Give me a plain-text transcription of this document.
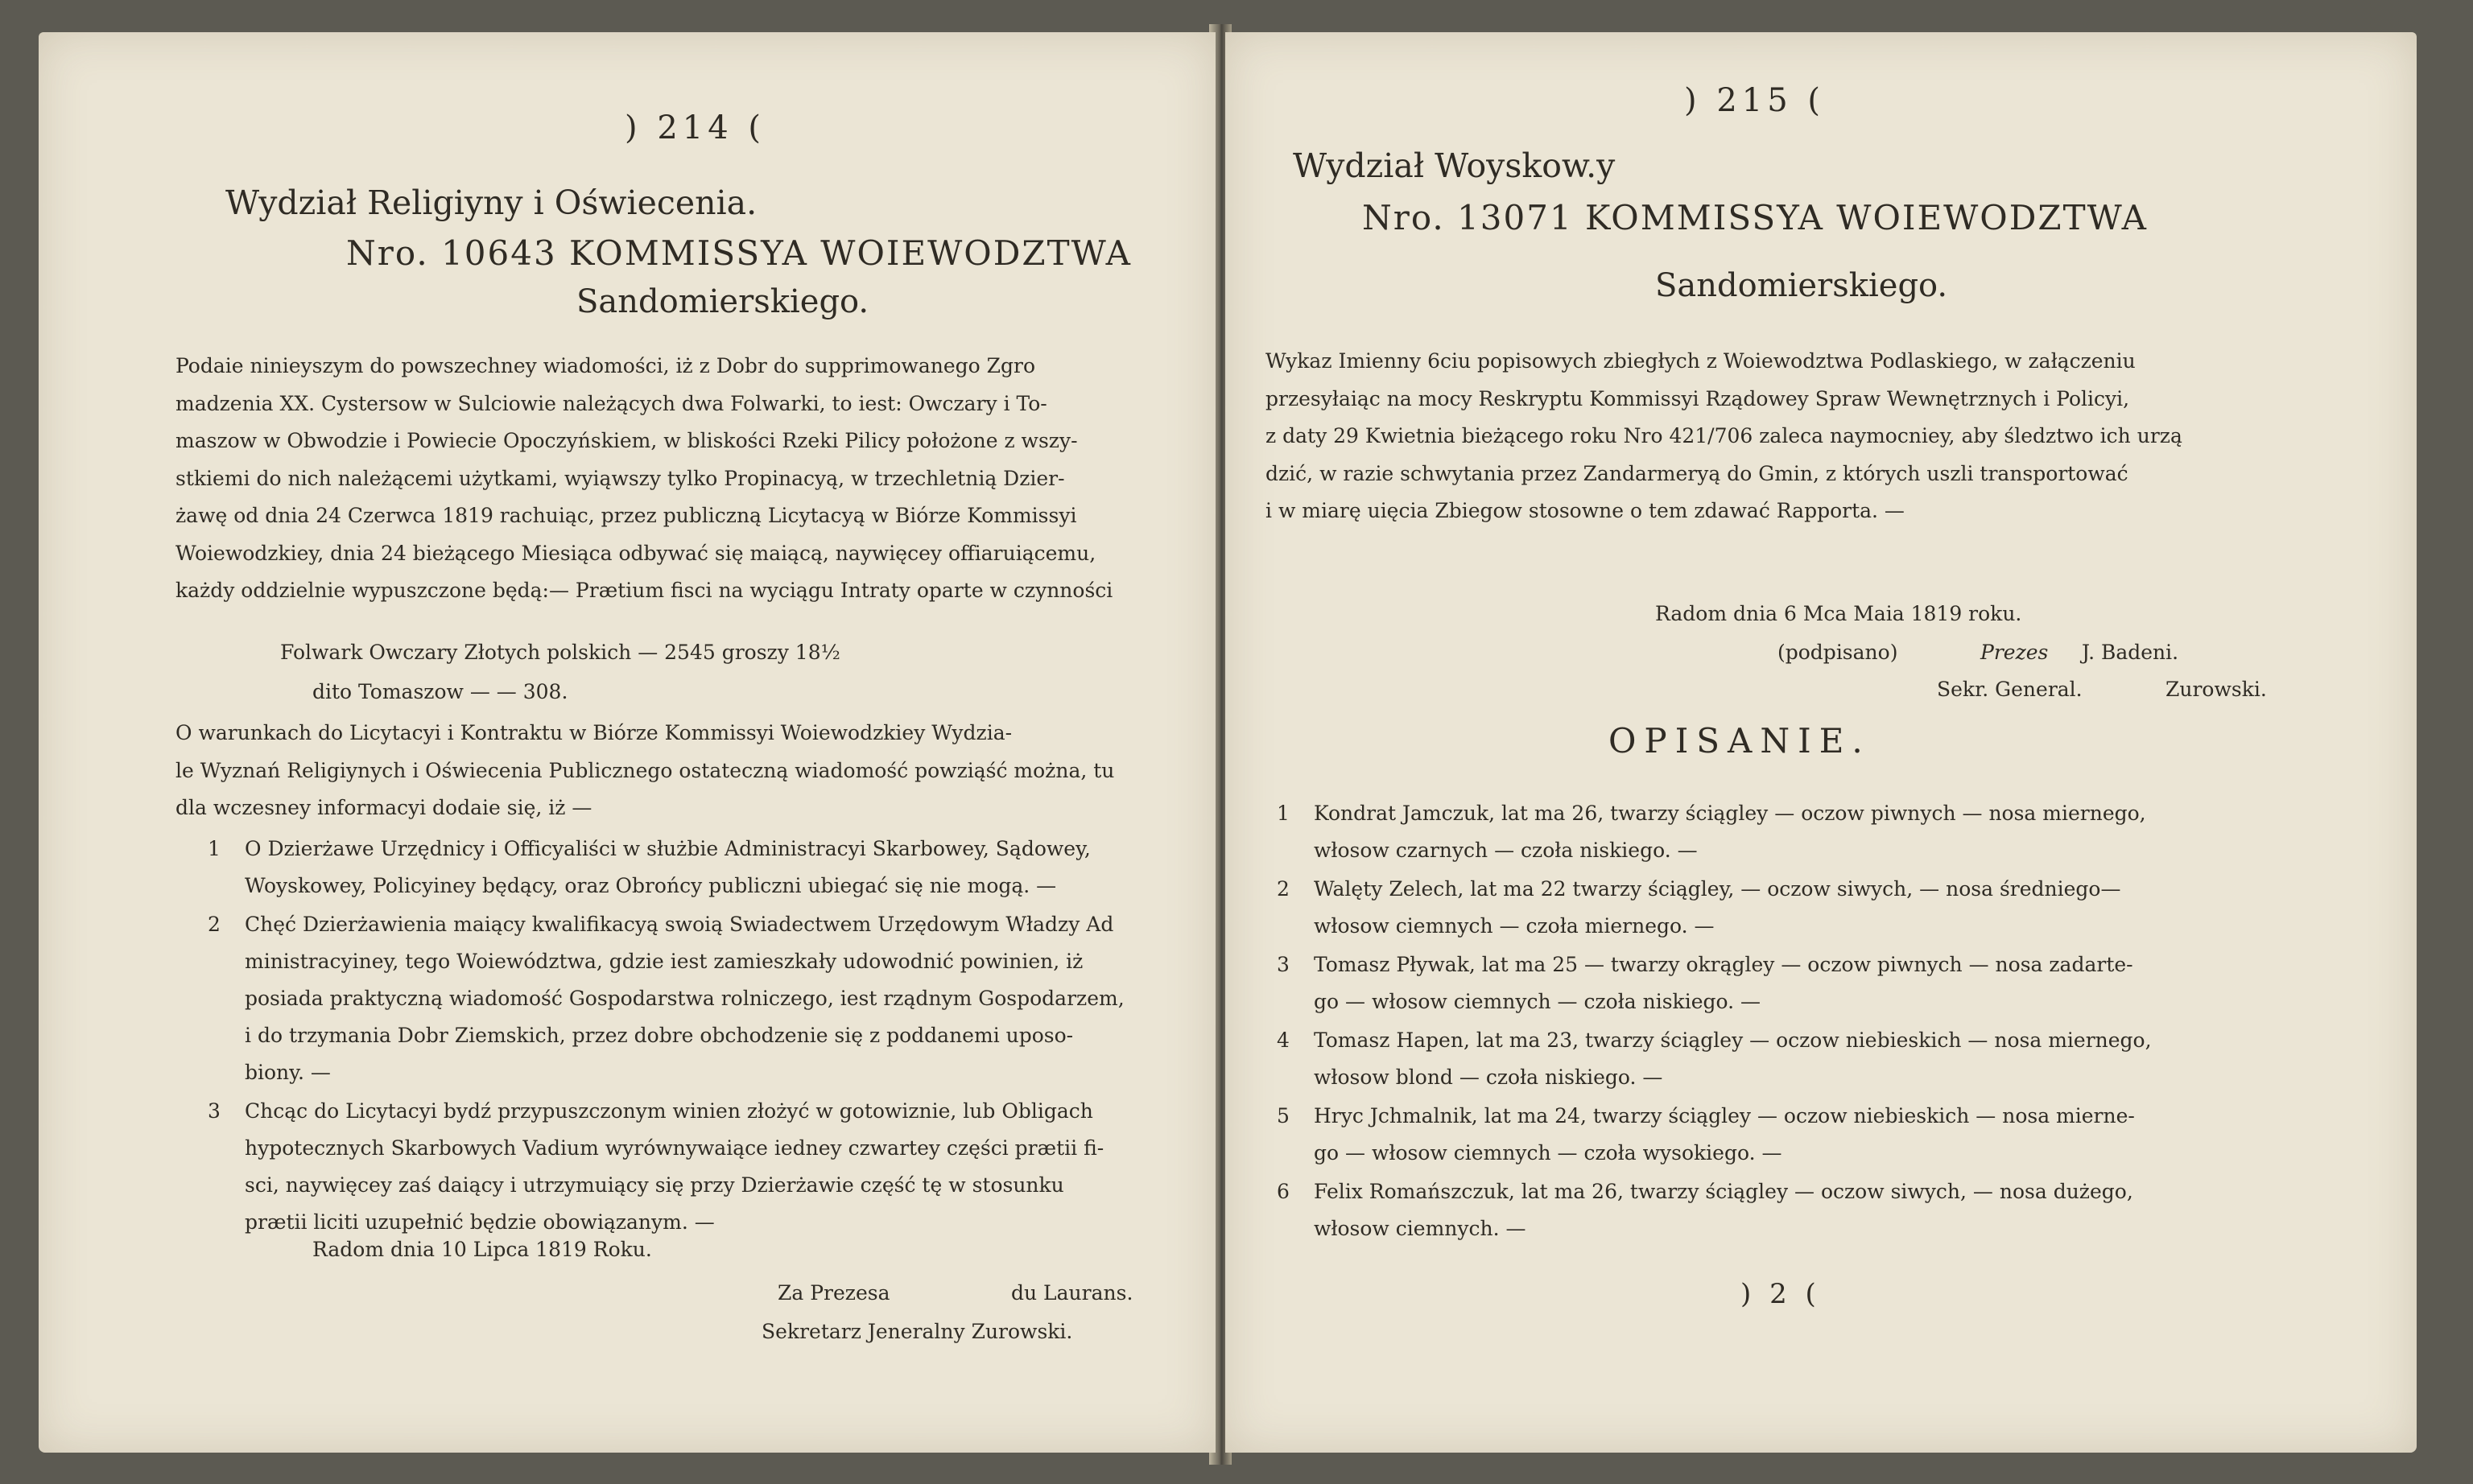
) 214 (
Wydział Religiyny i Oświecenia.
Nro. 10643 KOMMISSYA WOIEWODZTWA
Sandomierskiego.
Podaie ninieyszym do powszechney wiadomości, iż z Dobr do supprimowanego Zgro
madzenia XX. Cystersow w Sulciowie należących dwa Folwarki, to iest: Owczary i To-
maszow w Obwodzie i Powiecie Opoczyńskiem, w bliskości Rzeki Pilicy położone z wszy-
stkiemi do nich należącemi użytkami, wyiąwszy tylko Propinacyą, w trzechletnią Dzier-
żawę od dnia 24 Czerwca 1819 rachuiąc, przez publiczną Licytacyą w Biórze Kommissyi
Woiewodzkiey, dnia 24 bieżącego Miesiąca odbywać się maiącą, naywięcey offiaruiącemu,
każdy oddzielnie wypuszczone będą:— Prætium fisci na wyciągu Intraty oparte w czynności
Folwark Owczary Złotych polskich — 2545 groszy 18½
dito Tomaszow — — 308.
O warunkach do Licytacyi i Kontraktu w Biórze Kommissyi Woiewodzkiey Wydzia-
le Wyznań Religiynych i Oświecenia Publicznego ostateczną wiadomość powziąść można, tu
dla wczesney informacyi dodaie się, iż —
1 O Dzierżawe Urzędnicy i Officyaliści w służbie Administracyi Skarbowey, Sądowey,
Woyskowey, Policyiney będący, oraz Obrońcy publiczni ubiegać się nie mogą. —
2 Chęć Dzierżawienia maiący kwalifikacyą swoią Swiadectwem Urzędowym Władzy Ad
ministracyiney, tego Woiewództwa, gdzie iest zamieszkały udowodnić powinien, iż
posiada praktyczną wiadomość Gospodarstwa rolniczego, iest rządnym Gospodarzem,
i do trzymania Dobr Ziemskich, przez dobre obchodzenie się z poddanemi uposo-
biony. —
3 Chcąc do Licytacyi bydź przypuszczonym winien złożyć w gotowiznie, lub Obligach
hypotecznych Skarbowych Vadium wyrównywaiące iedney czwartey części prætii fi-
sci, naywięcey zaś daiący i utrzymuiący się przy Dzierżawie część tę w stosunku
prætii liciti uzupełnić będzie obowiązanym. —
Radom dnia 10 Lipca 1819 Roku.
Za Prezesa	du Laurans.
Sekretarz Jeneralny Zurowski.
) 215 (
Wydział Woyskow.y
Nro. 13071 KOMMISSYA WOIEWODZTWA
Sandomierskiego.
Wykaz Imienny 6ciu popisowych zbiegłych z Woiewodztwa Podlaskiego, w załączeniu
przesyłaiąc na mocy Reskryptu Kommissyi Rządowey Spraw Wewnętrznych i Policyi,
z daty 29 Kwietnia bieżącego roku Nro 421/706 zaleca naymocniey, aby śledztwo ich urzą
dzić, w razie schwytania przez Zandarmeryą do Gmin, z których uszli transportować
i w miarę uięcia Zbiegow stosowne o tem zdawać Rapporta. —
Radom dnia 6 Mca Maia 1819 roku.
(podpisano)	Prezes J. Badeni.
Sekr. General.	Zurowski.
OPISANIE.
1 Kondrat Jamczuk, lat ma 26, twarzy ściągley — oczow piwnych — nosa miernego,
włosow czarnych — czoła niskiego. —
2 Walęty Zelech, lat ma 22 twarzy ściągley, — oczow siwych, — nosa średniego—
włosow ciemnych — czoła miernego. —
3 Tomasz Pływak, lat ma 25 — twarzy okrągley — oczow piwnych — nosa zadarte-
go — włosow ciemnych — czoła niskiego. —
4 Tomasz Hapen, lat ma 23, twarzy ściągley — oczow niebieskich — nosa miernego,
włosow blond — czoła niskiego. —
5 Hryc Jchmalnik, lat ma 24, twarzy ściągley — oczow niebieskich — nosa mierne-
go — włosow ciemnych — czoła wysokiego. —
6 Felix Romańszczuk, lat ma 26, twarzy ściągley — oczow siwych, — nosa dużego,
włosow ciemnych. —
) 2 (
